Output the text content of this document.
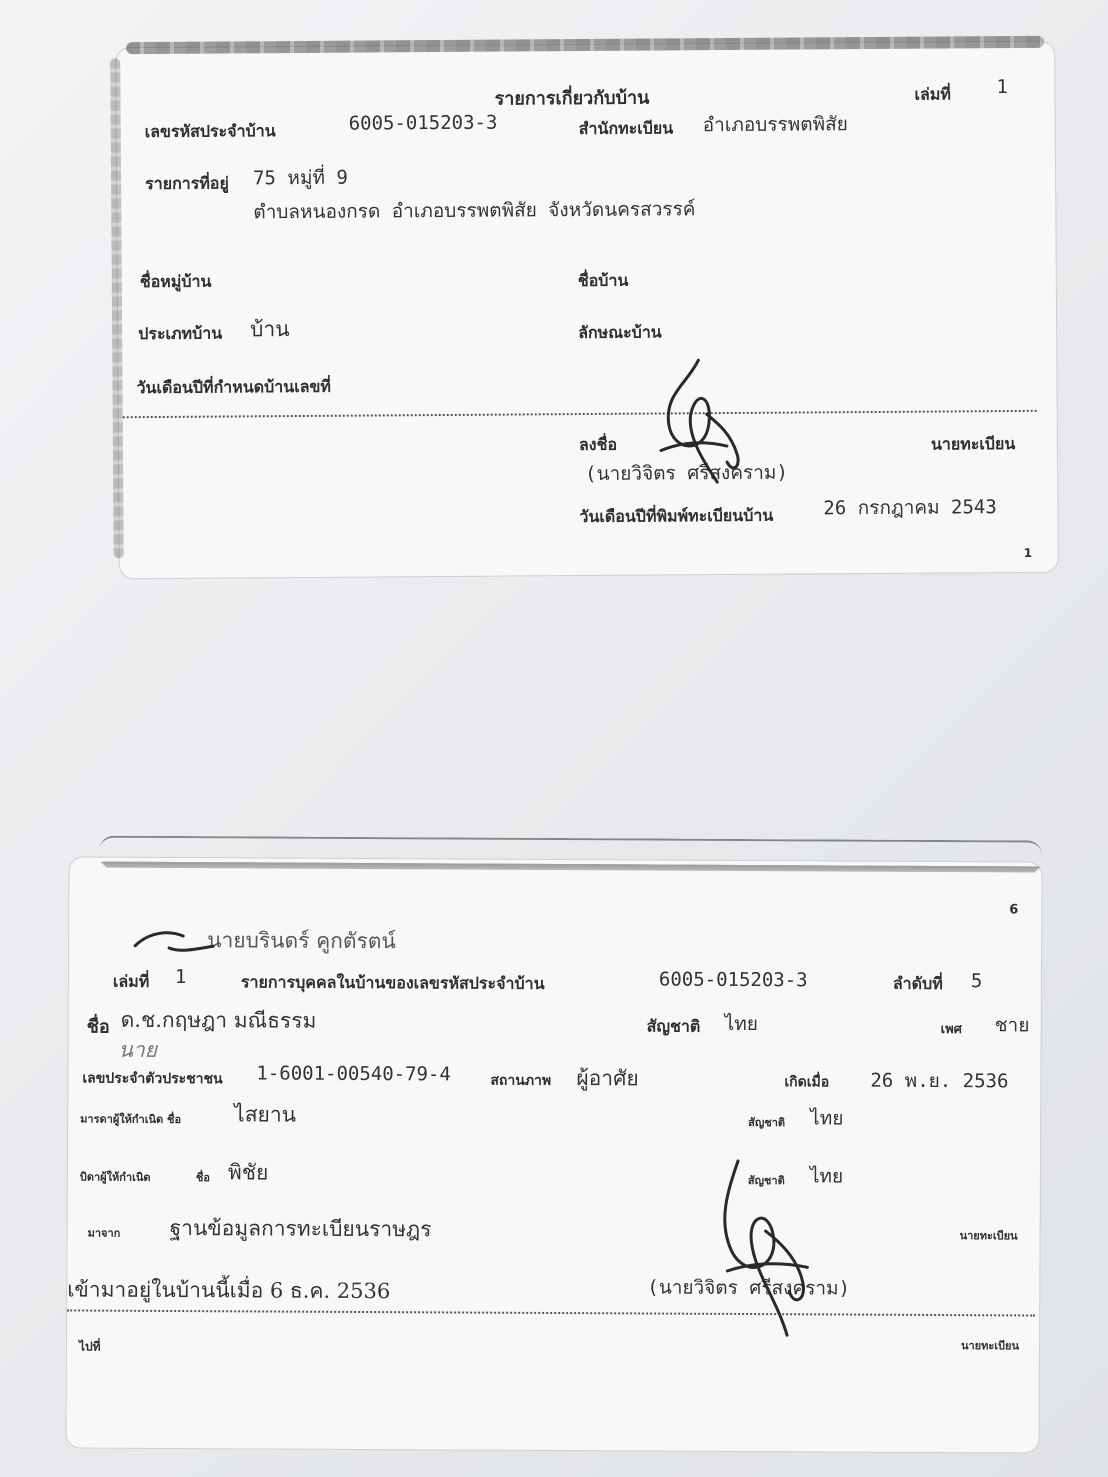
รายการเกี่ยวกับบ้าน	เล่มที่ 1
เลขรหัสประจำบ้าน	6005-015203-3	สำนักทะเบียน อำเภอบรรพตพิสัย
รายการที่อยู่ 75 หมู่ที่ 9
ตำบลหนองกรด อำเภอบรรพตพิสัย จังหวัดนครสวรรค์
ชื่อหมู่บ้าน	ชื่อบ้าน
ประเภทบ้าน บ้าน	ลักษณะบ้าน
วันเดือนปีที่กำหนดบ้านเลขที่
ลงชื่อ	นายทะเบียน
(นายวิจิตร ศรีสงคราม)
วันเดือนปีที่พิมพ์ทะเบียนบ้าน	26 กรกฎาคม 2543
1
6
นายบรินดร์ คูกตัรตน์
เล่มที่ 1	รายการบุคคลในบ้านของเลขรหัสประจำบ้าน	6005-015203-3	ลำดับที่ 5
ชื่อ ด.ช.กฤษฎา มณีธรรม
นาย
สัญชาติ ไทย	เพศ ชาย
เลขประจำตัวประชาชน 1-6001-00540-79-4	สถานภาพ ผู้อาศัย	เกิดเมื่อ 26 พ.ย. 2536
มารดาผู้ให้กำเนิด ชื่อ	ไสยาน	สัญชาติ ไทย
บิดาผู้ให้กำเนิด	ชื่อ พิชัย	สัญชาติ ไทย
มาจาก ฐานข้อมูลการทะเบียนราษฎร	นายทะเบียน
เข้ามาอยู่ในบ้านนี้เมื่อ 6 ธ.ค. 2536	(นายวิจิตร ศรีสงคราม)
ไปที่	นายทะเบียน
